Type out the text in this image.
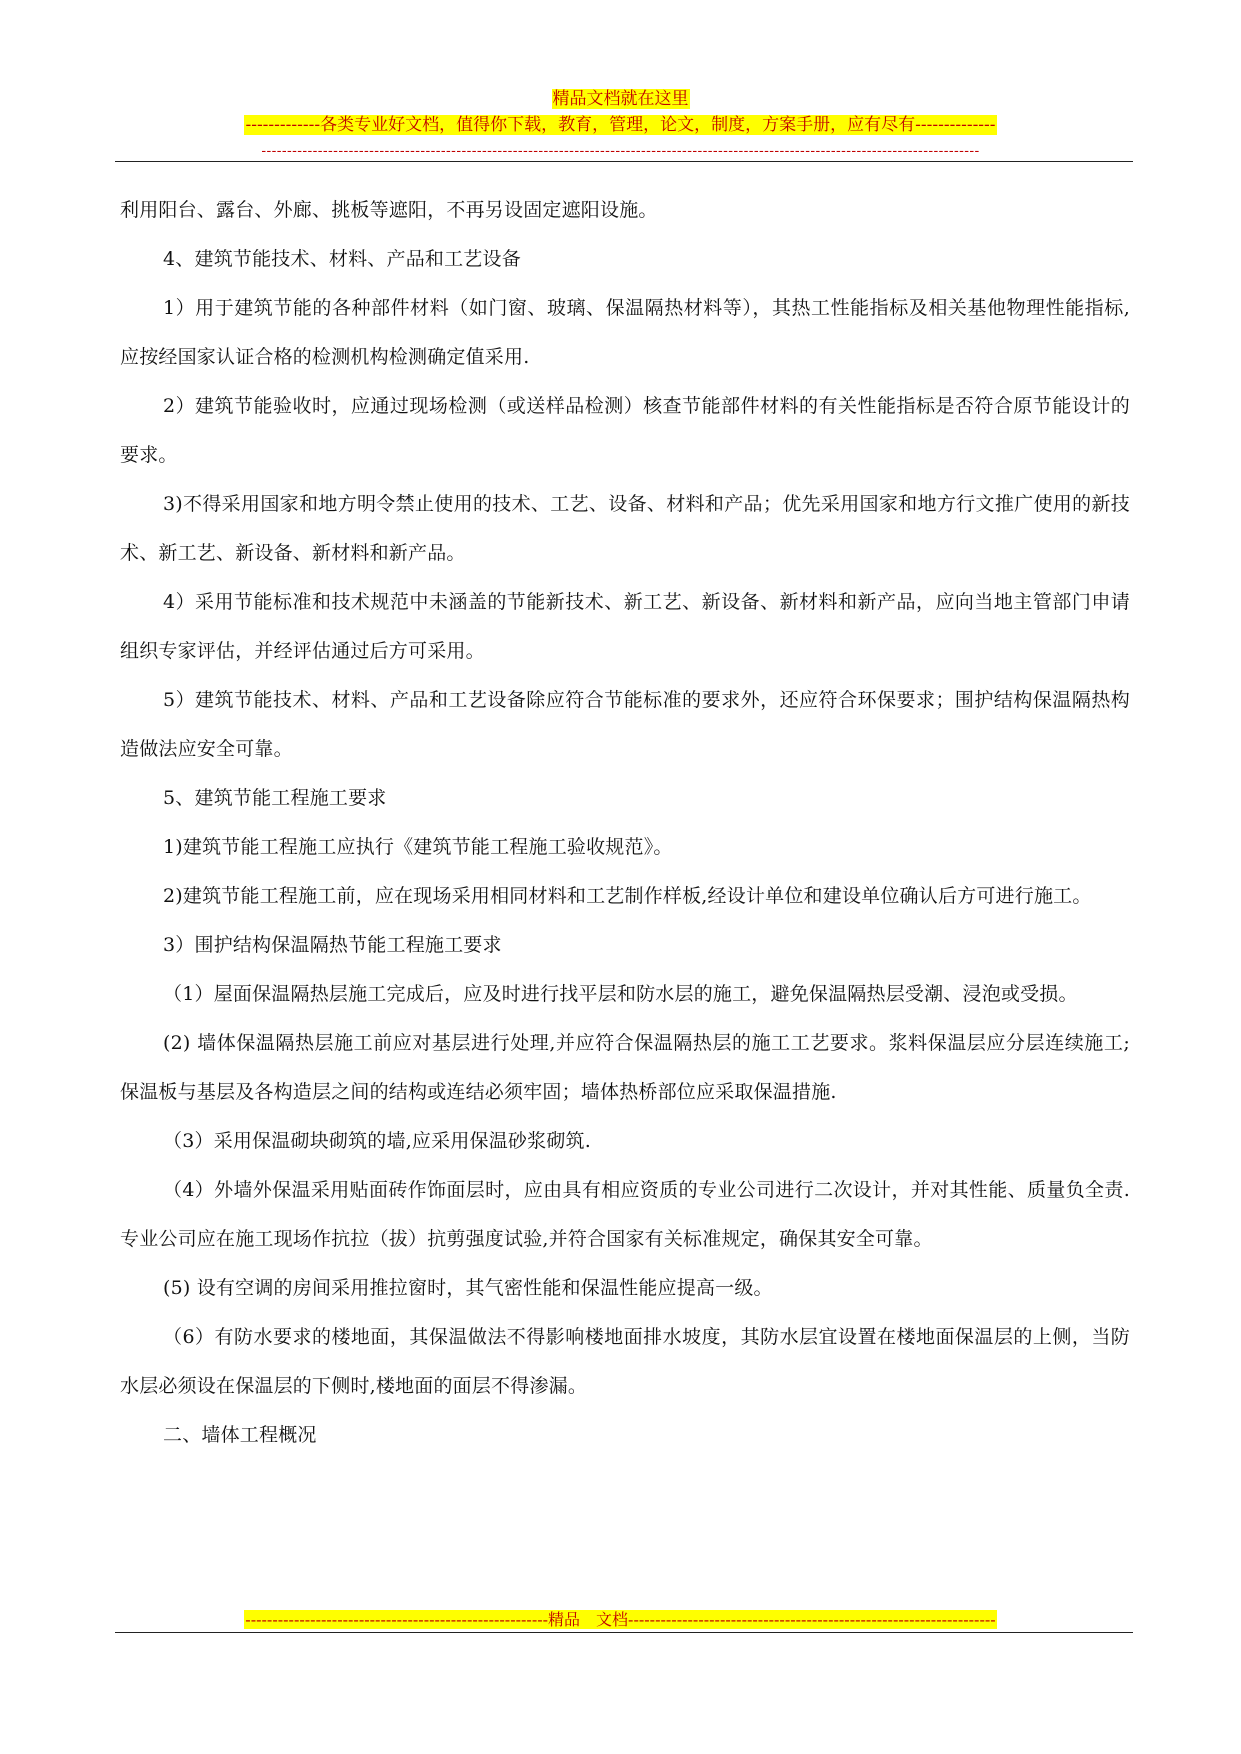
精品文档就在这里
-------------各类专业好文档，值得你下载，教育，管理，论文，制度，方案手册，应有尽有--------------
--------------------------------------------------------------------------------------------------------------------------------------------

利用阳台、露台、外廊、挑板等遮阳，不再另设固定遮阳设施。

4、建筑节能技术、材料、产品和工艺设备

1）用于建筑节能的各种部件材料（如门窗、玻璃、保温隔热材料等），其热工性能指标及相关基他物理性能指标,应按经国家认证合格的检测机构检测确定值采用.

2）建筑节能验收时，应通过现场检测（或送样品检测）核查节能部件材料的有关性能指标是否符合原节能设计的要求。

3)不得采用国家和地方明令禁止使用的技术、工艺、设备、材料和产品；优先采用国家和地方行文推广使用的新技术、新工艺、新设备、新材料和新产品。

4）采用节能标准和技术规范中未涵盖的节能新技术、新工艺、新设备、新材料和新产品，应向当地主管部门申请组织专家评估，并经评估通过后方可采用。

5）建筑节能技术、材料、产品和工艺设备除应符合节能标准的要求外，还应符合环保要求；围护结构保温隔热构造做法应安全可靠。

5、建筑节能工程施工要求

1)建筑节能工程施工应执行《建筑节能工程施工验收规范》。

2)建筑节能工程施工前，应在现场采用相同材料和工艺制作样板,经设计单位和建设单位确认后方可进行施工。

3）围护结构保温隔热节能工程施工要求

（1）屋面保温隔热层施工完成后，应及时进行找平层和防水层的施工，避免保温隔热层受潮、浸泡或受损。

(2) 墙体保温隔热层施工前应对基层进行处理,并应符合保温隔热层的施工工艺要求。浆料保温层应分层连续施工;保温板与基层及各构造层之间的结构或连结必须牢固；墙体热桥部位应采取保温措施.

（3）采用保温砌块砌筑的墙,应采用保温砂浆砌筑.

（4）外墙外保温采用贴面砖作饰面层时，应由具有相应资质的专业公司进行二次设计，并对其性能、质量负全责.专业公司应在施工现场作抗拉（拔）抗剪强度试验,并符合国家有关标准规定，确保其安全可靠。

(5) 设有空调的房间采用推拉窗时，其气密性能和保温性能应提高一级。

（6）有防水要求的楼地面，其保温做法不得影响楼地面排水坡度，其防水层宜设置在楼地面保温层的上侧，当防水层必须设在保温层的下侧时,楼地面的面层不得渗漏。

二、墙体工程概况

--------------------------------------------------------精品　文档--------------------------------------------------------------------
